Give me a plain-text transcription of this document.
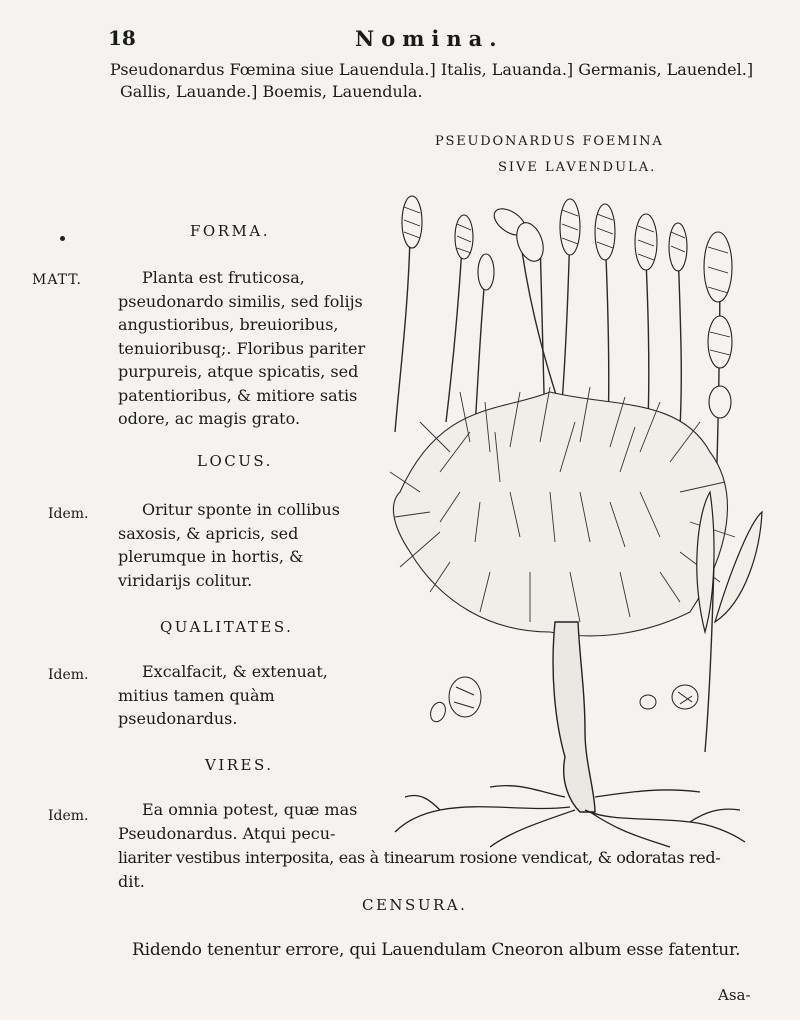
18	Nomina.
Pseudonardus Fœmina siue Lauendula.] Italis, Lauanda.] Germanis, Lauendel.]
Gallis, Lauande.] Boemis, Lauendula.
PSEUDONARDUS FOEMINA
SIVE LAVENDULA.
FORMA.
MATT.	Planta est fruticosa, pseudonardo similis, sed folijs angustioribus, breuioribus, tenuioribusq;. Floribus pariter purpureis, atque spicatis, sed patentioribus, & mitiore satis odore, ac magis grato.
LOCUS.
Idem.	Oritur sponte in collibus saxosis, & apricis, sed plerumque in hortis, & viridarijs colitur.
QUALITATES.
Idem.	Excalfacit, & extenuat, mitius tamen quàm pseudonardus.
VIRES.
Idem.	Ea omnia potest, quæ mas
Pseudonardus. Atqui pecu-
liariter vestibus interposita, eas à tinearum rosione vendicat, & odoratas red-
dit.
CENSURA.
Ridendo tenentur errore, qui Lauendulam Cneoron album esse fatentur.
Asa-
